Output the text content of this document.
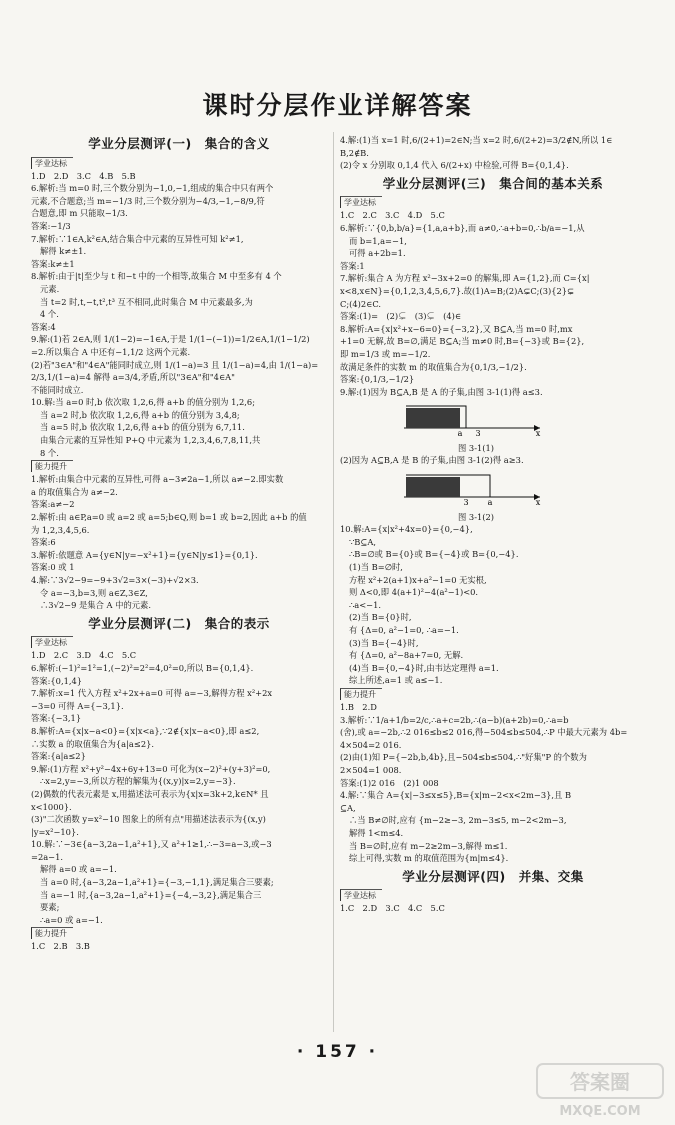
课时分层作业详解答案
学业分层测评(一)　集合的含义
学业达标
1.D　2.D　3.C　4.B　5.B
6.解析:当 m=0 时,三个数分别为−1,0,−1,组成的集合中只有两个
元素,不合题意;当 m=−1/3 时,三个数分别为−4/3,−1,−8/9,符
合题意,即 m 只能取−1/3.
答案:−1/3
7.解析:∵1∈A,k²∈A,结合集合中元素的互异性可知 k²≠1,
解得 k≠±1.
答案:k≠±1
8.解析:由于|t|至少与 t 和−t 中的一个相等,故集合 M 中至多有 4 个
元素.
当 t=2 时,t,−t,t²,t³ 互不相同,此时集合 M 中元素最多,为
4 个.
答案:4
9.解:(1)若 2∈A,则 1/(1−2)=−1∈A,于是 1/(1−(−1))=1/2∈A,1/(1−1/2)
=2.所以集合 A 中还有−1,1/2 这两个元素.
(2)若"3∈A"和"4∈A"能同时成立,则 1/(1−a)=3 且 1/(1−a)=4,由 1/(1−a)=
2/3,1/(1−a)=4 解得 a=3/4,矛盾,所以"3∈A"和"4∈A"
不能同时成立.
10.解:当 a=0 时,b 依次取 1,2,6,得 a+b 的值分别为 1,2,6;
当 a=2 时,b 依次取 1,2,6,得 a+b 的值分别为 3,4,8;
当 a=5 时,b 依次取 1,2,6,得 a+b 的值分别为 6,7,11.
由集合元素的互异性知 P+Q 中元素为 1,2,3,4,6,7,8,11,共
8 个.
能力提升
1.解析:由集合中元素的互异性,可得 a−3≠2a−1,所以 a≠−2.即实数
a 的取值集合为 a≠−2.
答案:a≠−2
2.解析:由 a∈P,a=0 或 a=2 或 a=5;b∈Q,则 b=1 或 b=2,因此 a+b 的值
为 1,2,3,4,5,6.
答案:6
3.解析:依题意 A={y∈N|y=−x²+1}={y∈N|y≤1}={0,1}.
答案:0 或 1
4.解:∵3√2−9=−9+3√2=3×(−3)+√2×3.
令 a=−3,b=3,则 a∈Z,3∈Z,
∴3√2−9 是集合 A 中的元素.
学业分层测评(二)　集合的表示
学业达标
1.D　2.C　3.D　4.C　5.C
6.解析:(−1)²=1²=1,(−2)²=2²=4,0²=0,所以 B={0,1,4}.
答案:{0,1,4}
7.解析:x=1 代入方程 x²+2x+a=0 可得 a=−3,解得方程 x²+2x
−3=0 可得 A={−3,1}.
答案:{−3,1}
8.解析:A={x|x−a<0}={x|x<a},∵2∉{x|x−a<0},即 a≤2,
∴实数 a 的取值集合为{a|a≤2}.
答案:{a|a≤2}
9.解:(1)方程 x²+y²−4x+6y+13=0 可化为(x−2)²+(y+3)²=0,
∴x=2,y=−3,所以方程的解集为{(x,y)|x=2,y=−3}.
(2)偶数的代表元素是 x,用描述法可表示为{x|x=3k+2,k∈N* 且
x<1000}.
(3)"二次函数 y=x²−10 图象上的所有点"用描述法表示为{(x,y)
|y=x²−10}.
10.解:∵−3∈{a−3,2a−1,a²+1},又 a²+1≥1,∴−3=a−3,或−3
=2a−1.
解得 a=0 或 a=−1.
当 a=0 时,{a−3,2a−1,a²+1}={−3,−1,1},满足集合三要素;
当 a=−1 时,{a−3,2a−1,a²+1}={−4,−3,2},满足集合三
要素;
∴a=0 或 a=−1.
能力提升
1.C　2.B　3.B
4.解:(1)当 x=1 时,6/(2+1)=2∈N;当 x=2 时,6/(2+2)=3/2∉N,所以 1∈
B,2∉B.
(2)令 x 分别取 0,1,4 代入 6/(2+x) 中检验,可得 B={0,1,4}.
学业分层测评(三)　集合间的基本关系
学业达标
1.C　2.C　3.C　4.D　5.C
6.解析:∵{0,b,b/a}={1,a,a+b},而 a≠0,∴a+b=0,∴b/a=−1,从
而 b=1,a=−1,
可得 a+2b=1.
答案:1
7.解析:集合 A 为方程 x²−3x+2=0 的解集,即 A={1,2},而 C={x|
x<8,x∈N}={0,1,2,3,4,5,6,7}.故(1)A=B;(2)A⊊C;(3){2}⊊
C;(4)2∈C.
答案:(1)=　(2)⊊　(3)⊊　(4)∈
8.解析:A={x|x²+x−6=0}={−3,2},又 B⊆A,当 m=0 时,mx
+1=0 无解,故 B=∅,满足 B⊆A;当 m≠0 时,B={−3}或 B={2},
即 m=1/3 或 m=−1/2.
故满足条件的实数 m 的取值集合为{0,1/3,−1/2}.
答案:{0,1/3,−1/2}
9.解:(1)因为 B⊆A,B 是 A 的子集,由图 3-1(1)得 a≤3.
a 3	x
图 3-1(1)
(2)因为 A⊆B,A 是 B 的子集,由图 3-1(2)得 a≥3.
3 a	x
图 3-1(2)
10.解:A={x|x²+4x=0}={0,−4},
∵B⊆A,
∴B=∅或 B={0}或 B={−4}或 B={0,−4}.
(1)当 B=∅时,
方程 x²+2(a+1)x+a²−1=0 无实根,
则 Δ<0,即 4(a+1)²−4(a²−1)<0.
∴a<−1.
(2)当 B={0}时,
有 {Δ=0, a²−1=0, ∴a=−1.
(3)当 B={−4}时,
有 {Δ=0, a²−8a+7=0, 无解.
(4)当 B={0,−4}时,由韦达定理得 a=1.
综上所述,a=1 或 a≤−1.
能力提升
1.B　2.D
3.解析:∵1/a+1/b=2/c,∴a+c=2b,∴(a−b)(a+2b)=0,∴a=b
(舍),或 a=−2b,∴2 016≤b≤2 016,得−504≤b≤504,∴P 中最大元素为 4b=
4×504=2 016.
(2)由(1)知 P={−2b,b,4b},且−504≤b≤504,∴"好集"P 的个数为
2×504=1 008.
答案:(1)2 016　(2)1 008
4.解:∵集合 A={x|−3≤x≤5},B={x|m−2<x<2m−3},且 B
⊆A,
∴当 B≠∅时,应有 {m−2≥−3, 2m−3≤5, m−2<2m−3,
解得 1<m≤4.
当 B=∅时,应有 m−2≥2m−3,解得 m≤1.
综上可得,实数 m 的取值范围为{m|m≤4}.
学业分层测评(四)　并集、交集
学业达标
1.C　2.D　3.C　4.C　5.C
· 157 ·
答案圈
MXQE.COM
